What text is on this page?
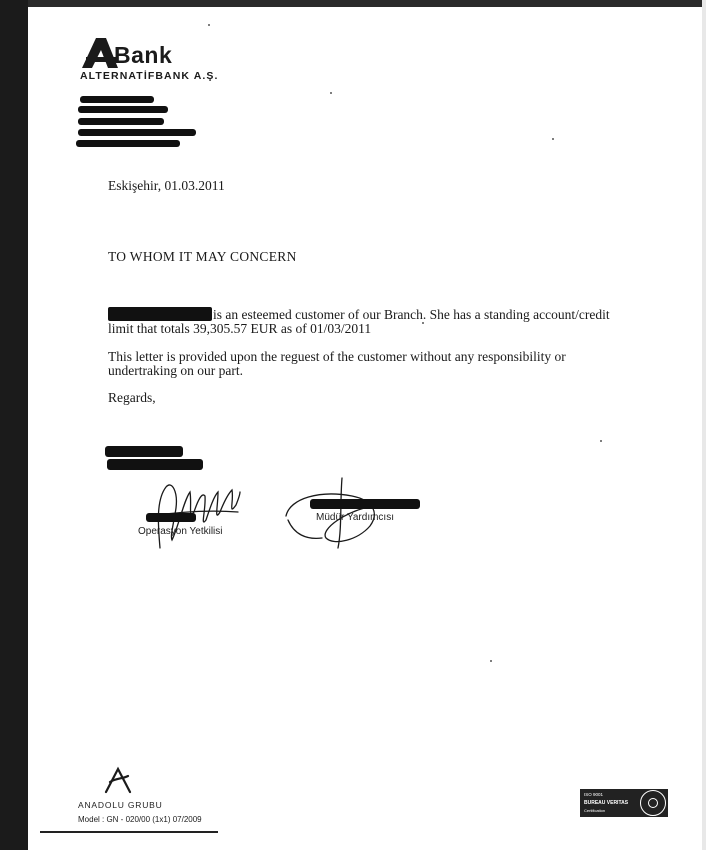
Bank
ALTERNATİFBANK A.Ş.
Eskişehir, 01.03.2011
TO WHOM IT MAY CONCERN
is an esteemed customer of our Branch. She has a standing account/credit
limit that totals 39,305.57 EUR as of 01/03/2011
This letter is provided upon the reguest of the customer without any responsibility or
undertraking on our part.
Regards,
Operasyon Yetkilisi
Müdür Yardımcısı
ANADOLU GRUBU
Model : GN - 020/00 (1x1) 07/2009
ISO 9001
BUREAU VERITAS
Certification
